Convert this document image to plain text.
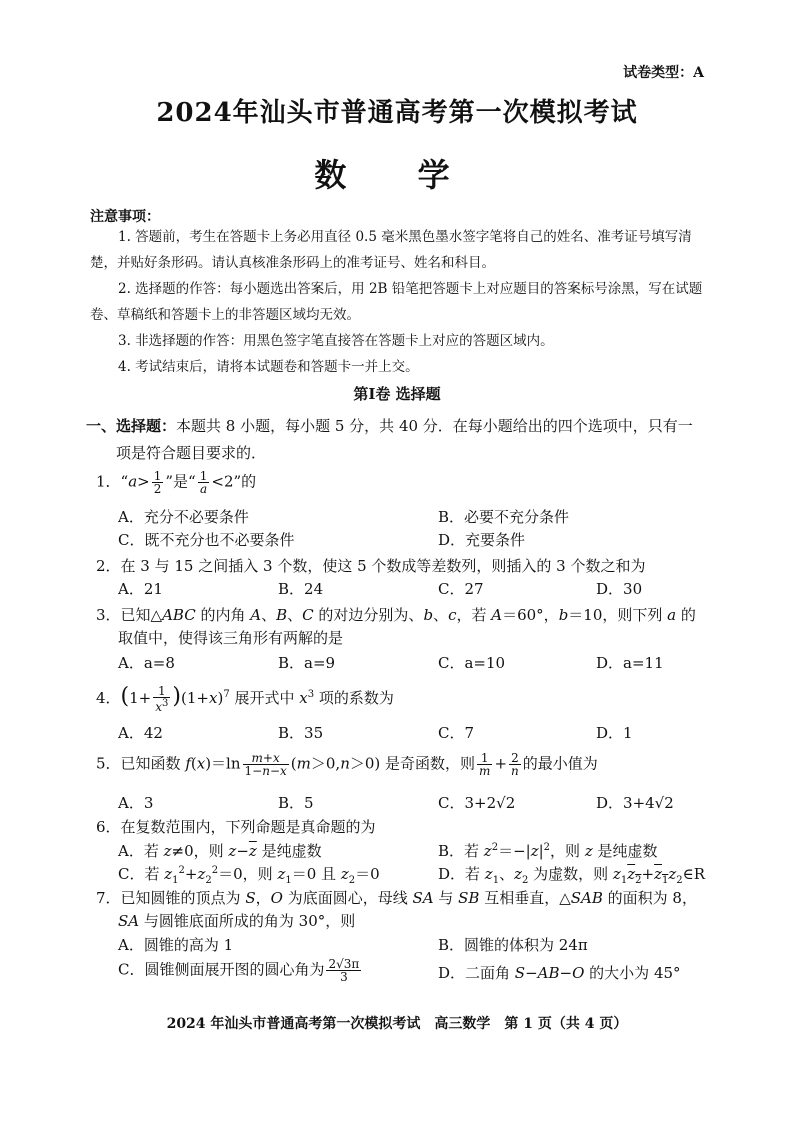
试卷类型：A
2024年汕头市普通高考第一次模拟考试
数 学
注意事项：
1. 答题前，考生在答题卡上务必用直径 0.5 毫米黑色墨水签字笔将自己的姓名、准考证号填写清楚，并贴好条形码。请认真核准条形码上的准考证号、姓名和科目。
2. 选择题的作答：每小题选出答案后，用 2B 铅笔把答题卡上对应题目的答案标号涂黑，写在试题卷、草稿纸和答题卡上的非答题区域均无效。
3. 非选择题的作答：用黑色签字笔直接答在答题卡上对应的答题区域内。
4. 考试结束后，请将本试题卷和答题卡一并上交。
第Ⅰ卷 选择题
一、选择题：本题共 8 小题，每小题 5 分，共 40 分．在每小题给出的四个选项中，只有一
项是符合题目要求的．
1．“$a> \frac{1}{2}$ ”是“ $\frac{1}{a} <2$”的
A．充分不必要条件	B．必要不充分条件
C．既不充分也不必要条件	D．充要条件
2．在 3 与 15 之间插入 3 个数，使这 5 个数成等差数列，则插入的 3 个数之和为
A．21	B．24	C．27	D．30
3．已知△ABC 的内角 A、B、C 的对边分别为、b、c，若 A＝60°，b＝10，则下列 a 的
取值中，使得该三角形有两解的是
A．a=8	B．a=9	C．a=10	D．a=11
4．$(1+ \frac{1}{x^3} )(1+x)^7$ 展开式中 $x^3$ 项的系数为
A．42	B．35	C．7	D．1
5．已知函数 $f(x)=\ln \frac{m+x}{1-n-x} (m>0,n>0)$ 是奇函数，则 $\frac{1}{m} + \frac{2}{n}$ 的最小值为
A．3	B．5	C．3+2√2	D．3+4√2
6．在复数范围内，下列命题是真命题的为
A．若 z≠0，则 $z-\overline{z}$ 是纯虚数	B．若 $z^2=-|z|^2$，则 z 是纯虚数
C．若 $z_1^2+z_2^2=0$，则 $z_1=0$ 且 $z_2=0$	D．若 $z_1$、$z_2$ 为虚数，则 $z_1z_2+z_1z_2\in R$
7．已知圆锥的顶点为 S，O 为底面圆心，母线 SA 与 SB 互相垂直，△SAB 的面积为 8，
SA 与圆锥底面所成的角为 30°，则
A．圆锥的高为 1	B．圆锥的体积为 24π
C．圆锥侧面展开图的圆心角为 $\frac{2√3\pi}{3}$	D．二面角 S−AB−O 的大小为 45°
2024 年汕头市普通高考第一次模拟考试　高三数学　第 1 页（共 4 页）
